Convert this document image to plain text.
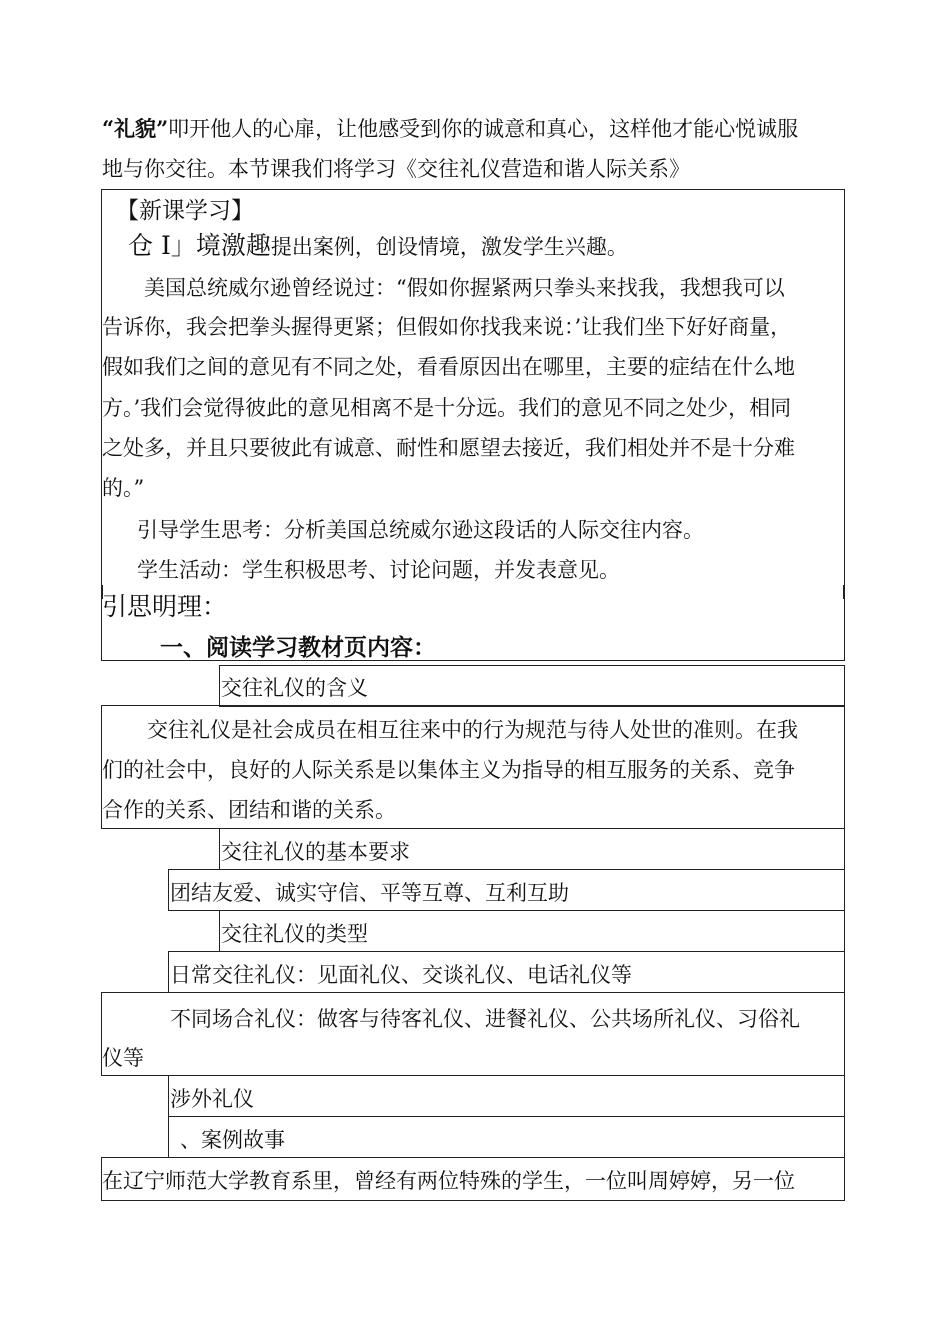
“礼貌”叩开他人的心扉，让他感受到你的诚意和真心，这样他才能心悦诚服
地与你交往。本节课我们将学习《交往礼仪营造和谐人际关系》
【新课学习】
仓 I」境激趣提出案例，创设情境，激发学生兴趣。
美国总统威尔逊曾经说过：“假如你握紧两只拳头来找我，我想我可以
告诉你，我会把拳头握得更紧；但假如你找我来说：’让我们坐下好好商量，
假如我们之间的意见有不同之处，看看原因出在哪里，主要的症结在什么地
方。’我们会觉得彼此的意见相离不是十分远。我们的意见不同之处少，相同
之处多，并且只要彼此有诚意、耐性和愿望去接近，我们相处并不是十分难
的。”
引导学生思考：分析美国总统威尔逊这段话的人际交往内容。
学生活动：学生积极思考、讨论问题，并发表意见。
引思明理：
一、阅读学习教材页内容：
交往礼仪的含义
交往礼仪是社会成员在相互往来中的行为规范与待人处世的准则。在我
们的社会中，良好的人际关系是以集体主义为指导的相互服务的关系、竞争
合作的关系、团结和谐的关系。
交往礼仪的基本要求
团结友爱、诚实守信、平等互尊、互利互助
交往礼仪的类型
日常交往礼仪：见面礼仪、交谈礼仪、电话礼仪等
不同场合礼仪：做客与待客礼仪、进餐礼仪、公共场所礼仪、习俗礼
仪等
涉外礼仪
、案例故事
在辽宁师范大学教育系里，曾经有两位特殊的学生，一位叫周婷婷，另一位
